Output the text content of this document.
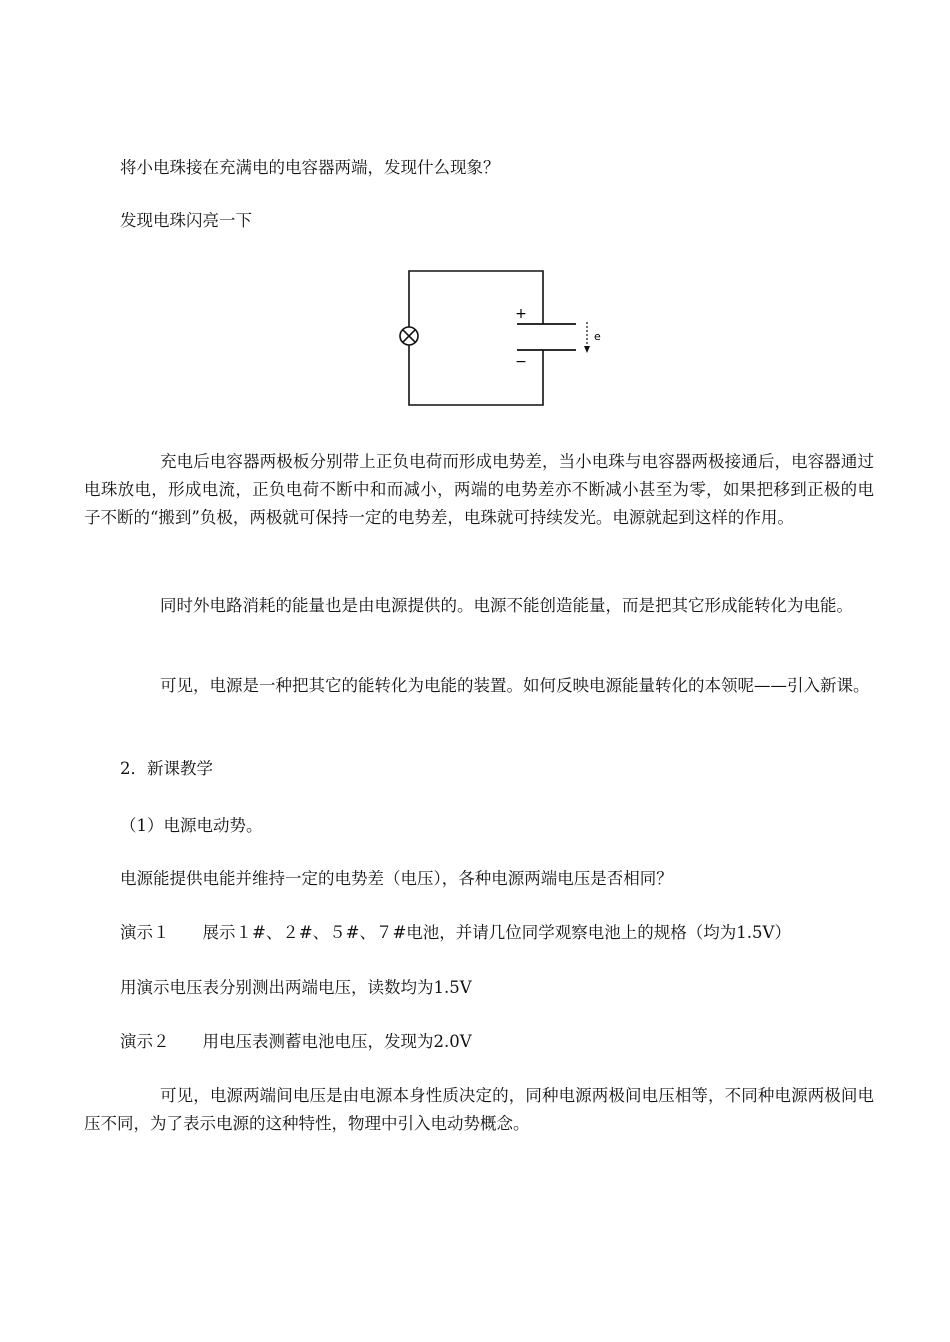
将小电珠接在充满电的电容器两端，发现什么现象？
发现电珠闪亮一下
+
−
e
充电后电容器两极板分别带上正负电荷而形成电势差，当小电珠与电容器两极接通后，电容器通过电珠放电，形成电流，正负电荷不断中和而减小，两端的电势差亦不断减小甚至为零，如果把移到正极的电子不断的“搬到”负极，两极就可保持一定的电势差，电珠就可持续发光。电源就起到这样的作用。
同时外电路消耗的能量也是由电源提供的。电源不能创造能量，而是把其它形成能转化为电能。
可见，电源是一种把其它的能转化为电能的装置。如何反映电源能量转化的本领呢——引入新课。
2．新课教学
（1）电源电动势。
电源能提供电能并维持一定的电势差（电压），各种电源两端电压是否相同？
演示１　　展示１#、２#、５#、７#电池，并请几位同学观察电池上的规格（均为1.5V）
用演示电压表分别测出两端电压，读数均为1.5V
演示２　　用电压表测蓄电池电压，发现为2.0V
可见，电源两端间电压是由电源本身性质决定的，同种电源两极间电压相等，不同种电源两极间电压不同，为了表示电源的这种特性，物理中引入电动势概念。
